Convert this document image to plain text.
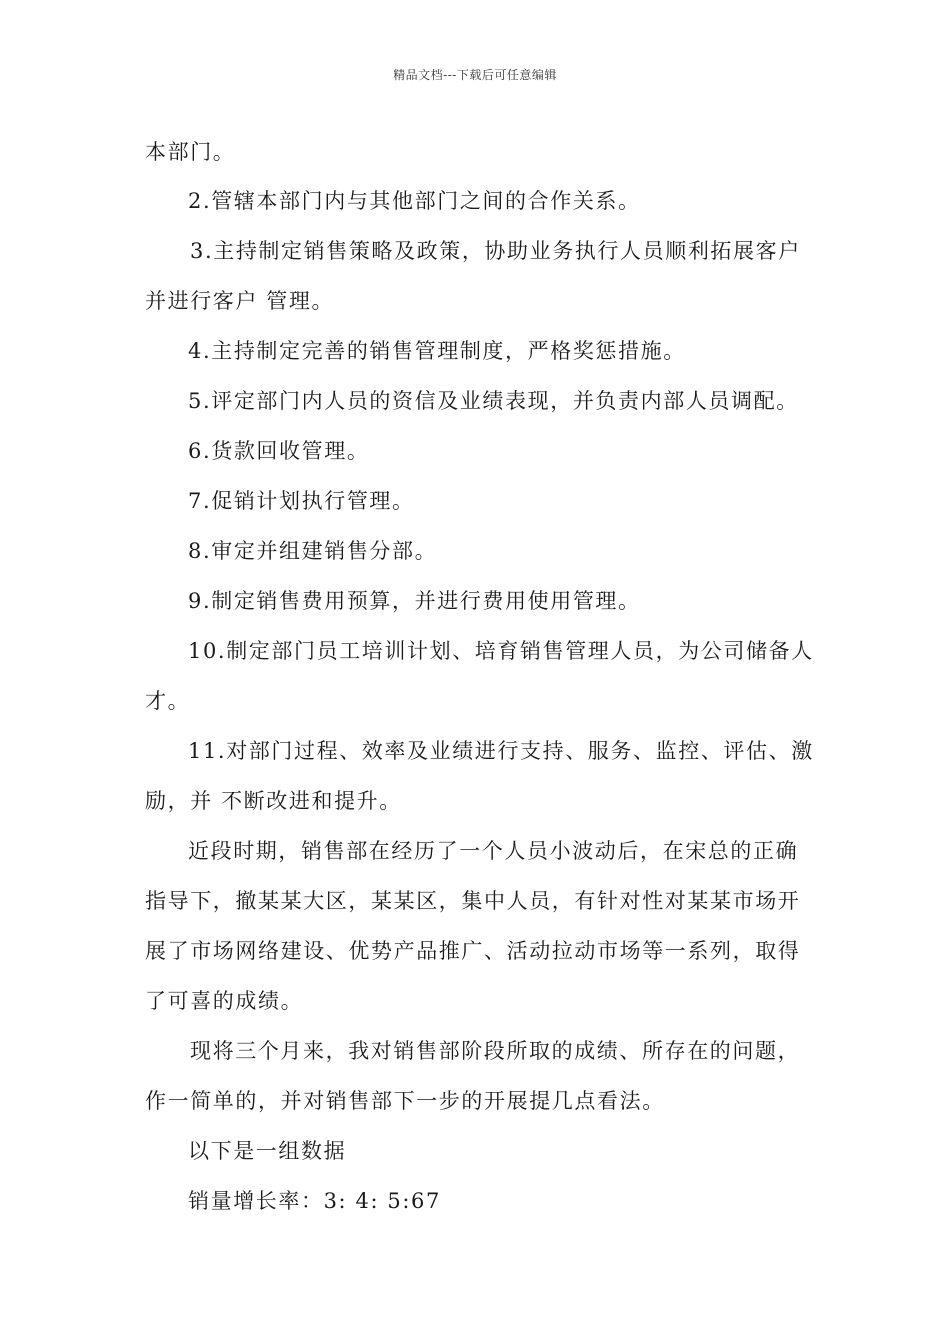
精品文档---下载后可任意编辑
本部门。
2.管辖本部门内与其他部门之间的合作关系。
3.主持制定销售策略及政策，协助业务执行人员顺利拓展客户
并进行客户 管理。
4.主持制定完善的销售管理制度，严格奖惩措施。
5.评定部门内人员的资信及业绩表现，并负责内部人员调配。
6.货款回收管理。
7.促销计划执行管理。
8.审定并组建销售分部。
9.制定销售费用预算，并进行费用使用管理。
10.制定部门员工培训计划、培育销售管理人员，为公司储备人
才。
11.对部门过程、效率及业绩进行支持、服务、监控、评估、激
励，并 不断改进和提升。
近段时期，销售部在经历了一个人员小波动后，在宋总的正确
指导下，撤某某大区，某某区，集中人员，有针对性对某某市场开
展了市场网络建设、优势产品推广、活动拉动市场等一系列，取得
了可喜的成绩。
现将三个月来，我对销售部阶段所取的成绩、所存在的问题，
作一简单的，并对销售部下一步的开展提几点看法。
以下是一组数据
销量增长率：3: 4: 5:67
